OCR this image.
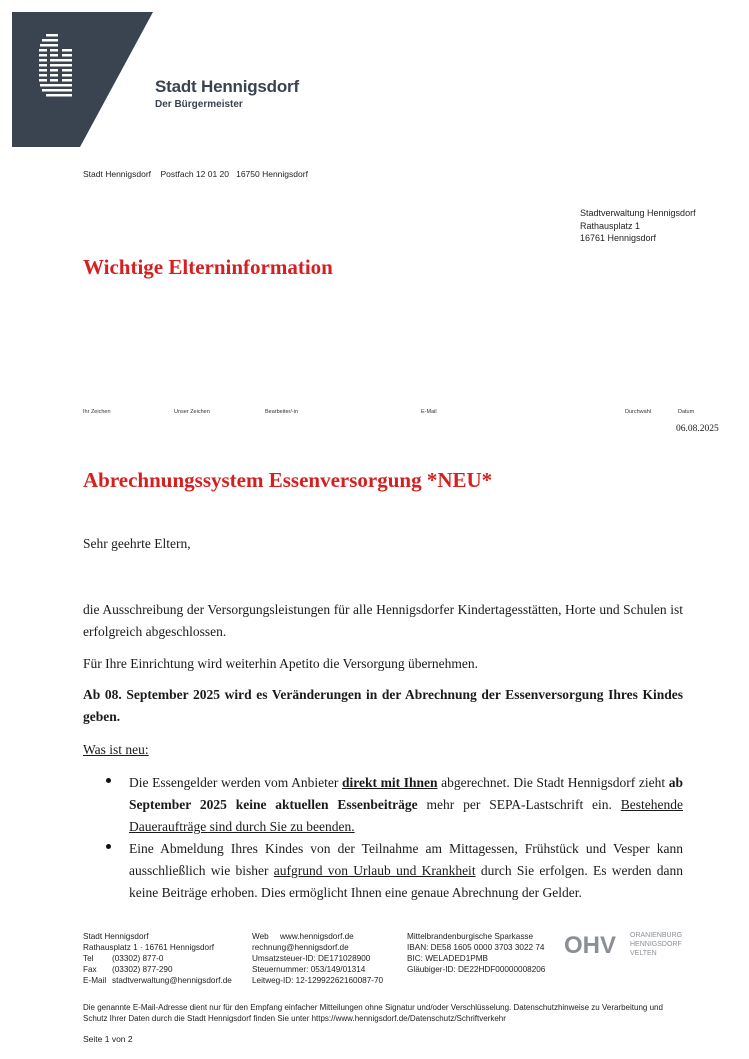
Stadt Hennigsdorf
Der Bürgermeister
Stadt Hennigsdorf    Postfach 12 01 20   16750 Hennigsdorf
Stadtverwaltung Hennigsdorf
Rathausplatz 1
16761 Hennigsdorf
Wichtige Elterninformation
Ihr Zeichen	Unser Zeichen	Bearbeiter/-in	E-Mail	Durchwahl	Datum
06.08.2025
Abrechnungssystem Essenversorgung *NEU*
Sehr geehrte Eltern,
die Ausschreibung der Versorgungsleistungen für alle Hennigsdorfer Kindertagesstätten, Horte und Schulen ist erfolgreich abgeschlossen.
Für Ihre Einrichtung wird weiterhin Apetito die Versorgung übernehmen.
Ab 08. September 2025 wird es Veränderungen in der Abrechnung der Essenversorgung Ihres Kindes geben.
Was ist neu:
Die Essengelder werden vom Anbieter direkt mit Ihnen abgerechnet. Die Stadt Hennigsdorf zieht ab September 2025 keine aktuellen Essenbeiträge mehr per SEPA-Lastschrift ein. Bestehende Daueraufträge sind durch Sie zu beenden.
Eine Abmeldung Ihres Kindes von der Teilnahme am Mittagessen, Frühstück und Vesper kann ausschließlich wie bisher aufgrund von Urlaub und Krankheit durch Sie erfolgen. Es werden dann keine Beiträge erhoben. Dies ermöglicht Ihnen eine genaue Abrechnung der Gelder.
Stadt Hennigsdorf
Rathausplatz 1 · 16761 Hennigsdorf
Tel (03302) 877-0
Fax (03302) 877-290
E-Mail stadtverwaltung@hennigsdorf.de
Web www.hennigsdorf.de
rechnung@hennigsdorf.de
Umsatzsteuer-ID: DE171028900
Steuernummer: 053/149/01314
Leitweg-ID: 12-12992262160087-70
Mittelbrandenburgische Sparkasse
IBAN: DE58 1605 0000 3703 3022 74
BIC: WELADED1PMB
Gläubiger-ID: DE22HDF00000008206
OHV ORANIENBURG
HENNIGSDORF
VELTEN
Die genannte E-Mail-Adresse dient nur für den Empfang einfacher Mitteilungen ohne Signatur und/oder Verschlüsselung. Datenschutzhinweise zu Verarbeitung und Schutz Ihrer Daten durch die Stadt Hennigsdorf finden Sie unter https://www.hennigsdorf.de/Datenschutz/Schriftverkehr
Seite 1 von 2
